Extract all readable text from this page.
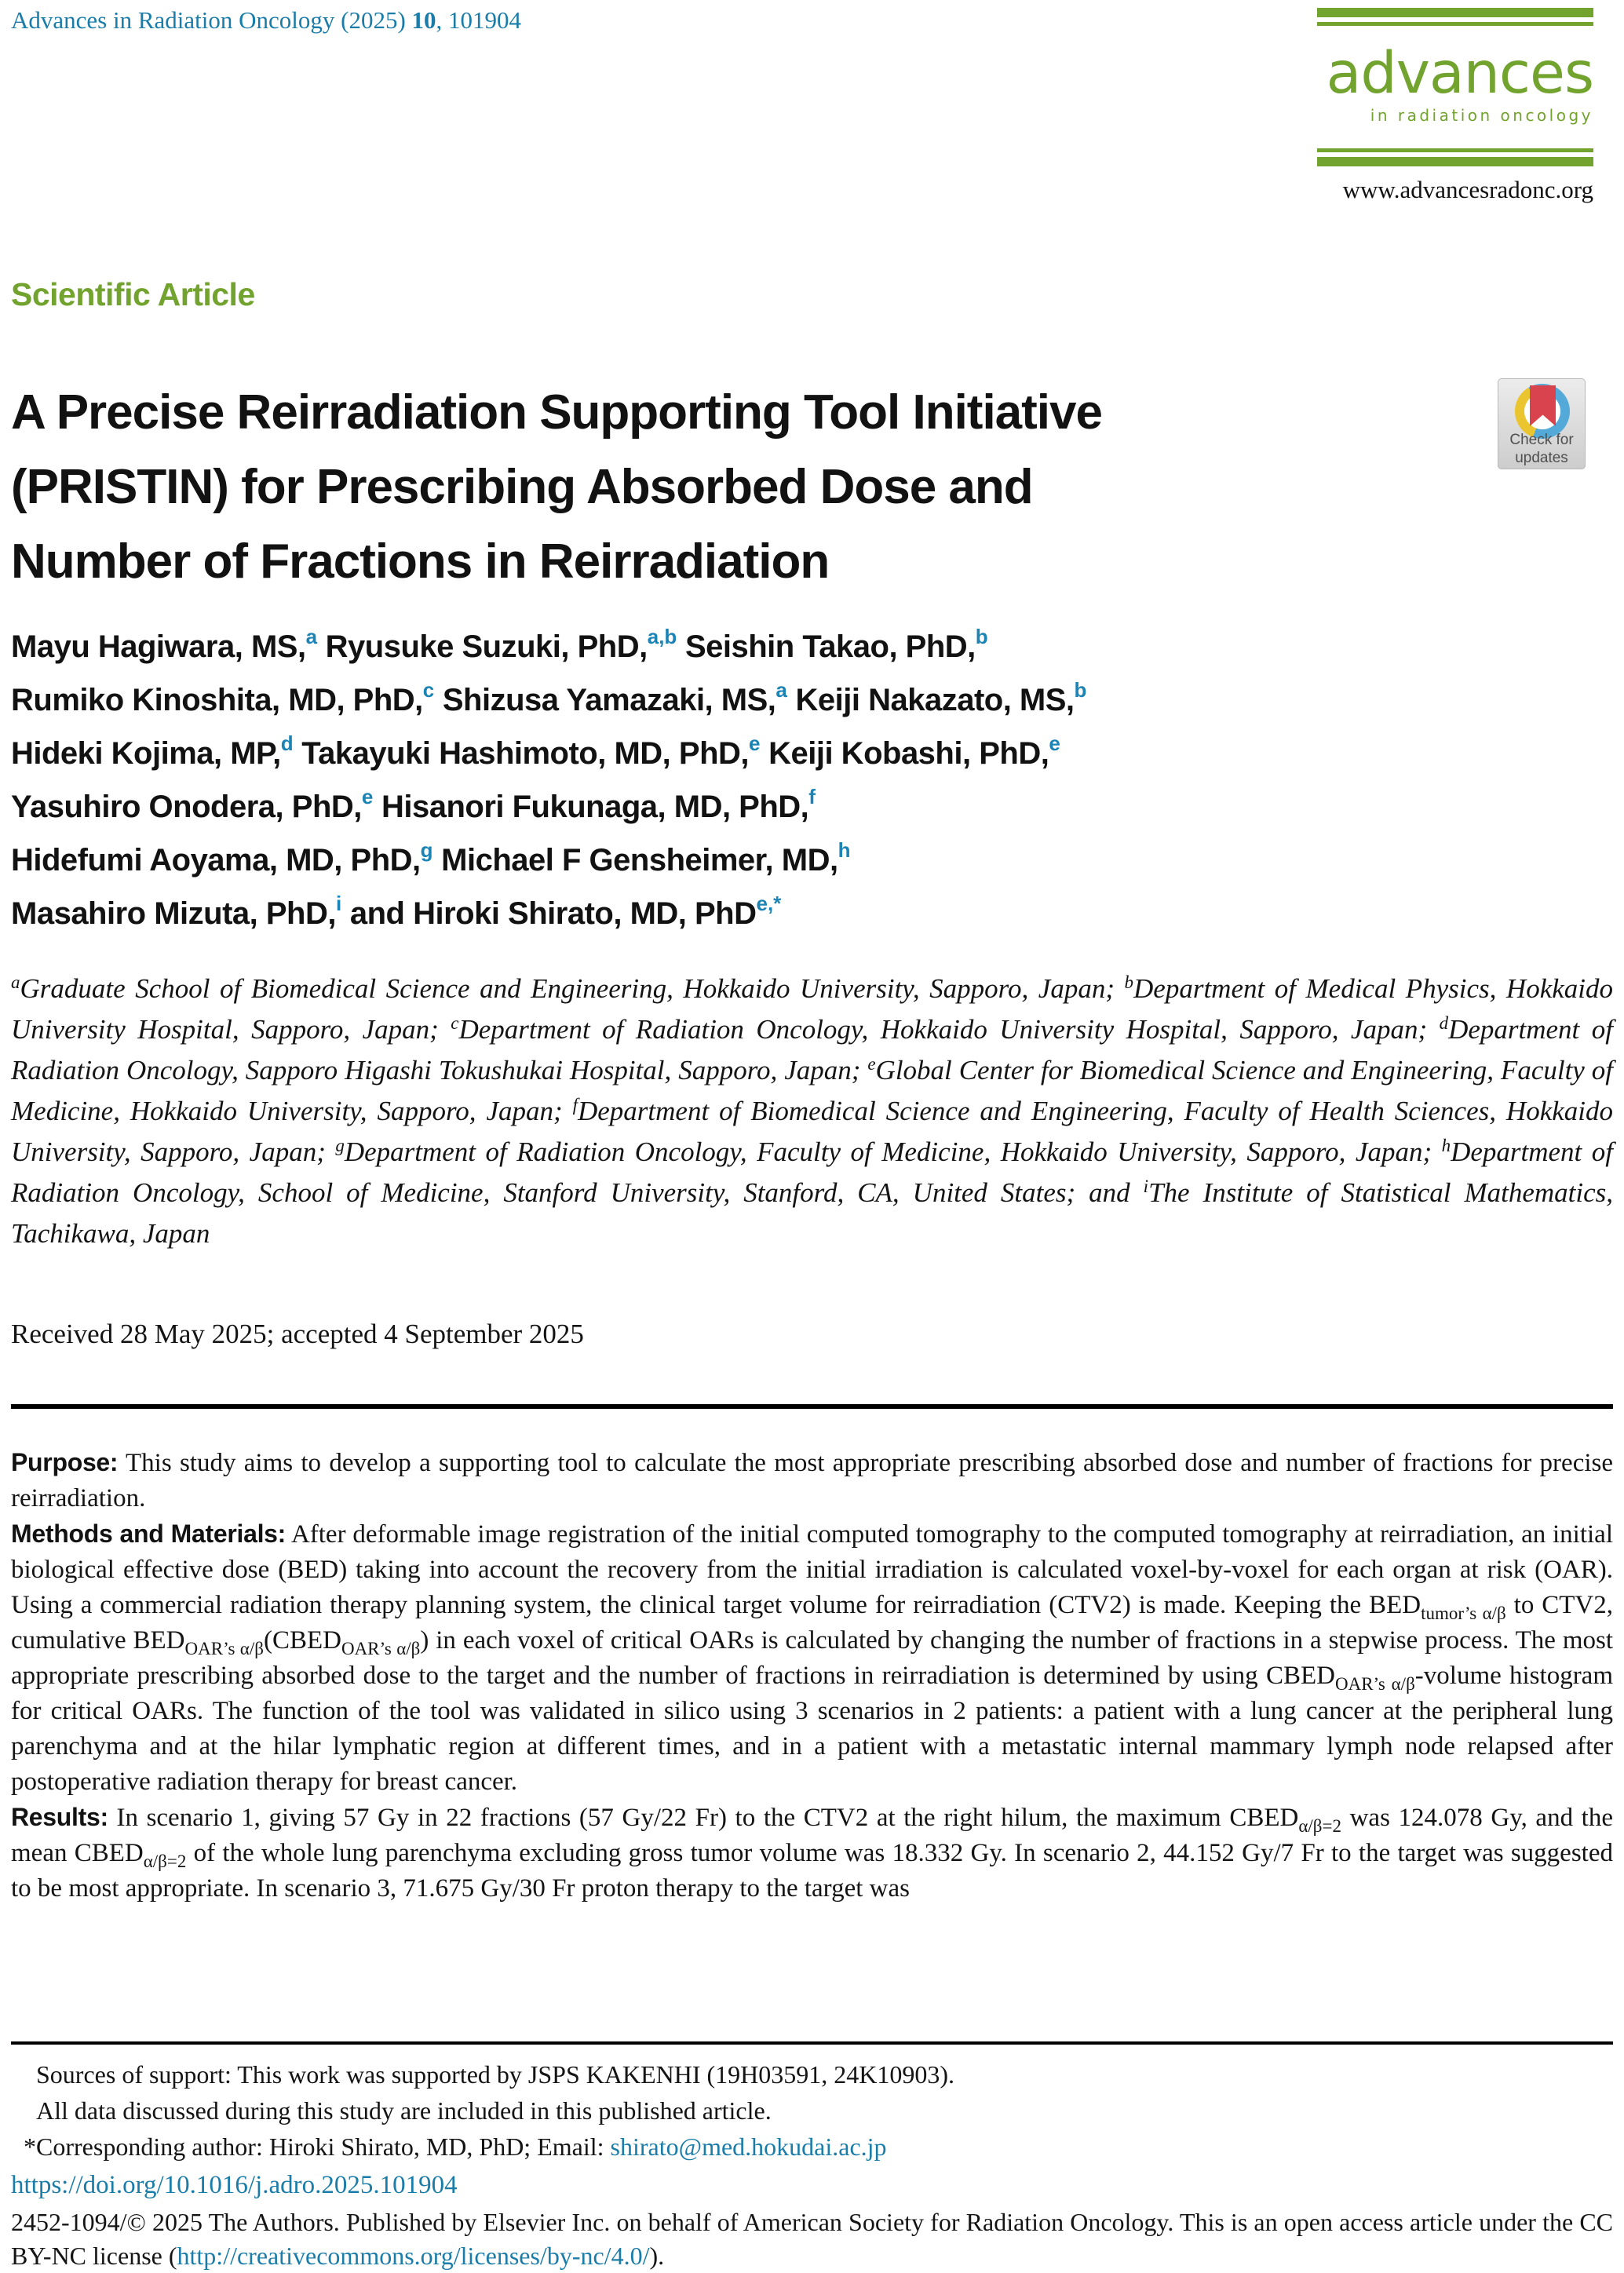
Advances in Radiation Oncology (2025) 10, 101904
advances
in radiation oncology
www.advancesradonc.org
Scientific Article
A Precise Reirradiation Supporting Tool Initiative
(PRISTIN) for Prescribing Absorbed Dose and
Number of Fractions in Reirradiation
Check for
updates
Mayu Hagiwara, MS,$^a$ Ryusuke Suzuki, PhD,$^{a,b}$ Seishin Takao, PhD,$^b$
Rumiko Kinoshita, MD, PhD,$^c$ Shizusa Yamazaki, MS,$^a$ Keiji Nakazato, MS,$^b$
Hideki Kojima, MP,$^d$ Takayuki Hashimoto, MD, PhD,$^e$ Keiji Kobashi, PhD,$^e$
Yasuhiro Onodera, PhD,$^e$ Hisanori Fukunaga, MD, PhD,$^f$
Hidefumi Aoyama, MD, PhD,$^g$ Michael F Gensheimer, MD,$^h$
Masahiro Mizuta, PhD,$^i$ and Hiroki Shirato, MD, PhD$^{e,*}$
$^a$Graduate School of Biomedical Science and Engineering, Hokkaido University, Sapporo, Japan; $^b$Department of Medical Physics, Hokkaido University Hospital, Sapporo, Japan; $^c$Department of Radiation Oncology, Hokkaido University Hospital, Sapporo, Japan; $^d$Department of Radiation Oncology, Sapporo Higashi Tokushukai Hospital, Sapporo, Japan; $^e$Global Center for Biomedical Science and Engineering, Faculty of Medicine, Hokkaido University, Sapporo, Japan; $^f$Department of Biomedical Science and Engineering, Faculty of Health Sciences, Hokkaido University, Sapporo, Japan; $^g$Department of Radiation Oncology, Faculty of Medicine, Hokkaido University, Sapporo, Japan; $^h$Department of Radiation Oncology, School of Medicine, Stanford University, Stanford, CA, United States; and $^i$The Institute of Statistical Mathematics, Tachikawa, Japan
Received 28 May 2025; accepted 4 September 2025

Purpose: This study aims to develop a supporting tool to calculate the most appropriate prescribing absorbed dose and number of fractions for precise reirradiation.

Methods and Materials: After deformable image registration of the initial computed tomography to the computed tomography at reirradiation, an initial biological effective dose (BED) taking into account the recovery from the initial irradiation is calculated voxel-by-voxel for each organ at risk (OAR). Using a commercial radiation therapy planning system, the clinical target volume for reirradiation (CTV2) is made. Keeping the $BED_{tumor’s \alpha/\beta}$ to CTV2, cumulative $BED_{OAR’s \alpha/\beta}(CBED_{OAR’s \alpha/\beta})$ in each voxel of critical OARs is calculated by changing the number of fractions in a stepwise process. The most appropriate prescribing absorbed dose to the target and the number of fractions in reirradiation is determined by using $CBED_{OAR’s \alpha/\beta}$-volume histogram for critical OARs. The function of the tool was validated in silico using 3 scenarios in 2 patients: a patient with a lung cancer at the peripheral lung parenchyma and at the hilar lymphatic region at different times, and in a patient with a metastatic internal mammary lymph node relapsed after postoperative radiation therapy for breast cancer.

Results: In scenario 1, giving 57 Gy in 22 fractions (57 Gy/22 Fr) to the CTV2 at the right hilum, the maximum $CBED_{\alpha/\beta=2}$ was 124.078 Gy, and the mean $CBED_{\alpha/\beta=2}$ of the whole lung parenchyma excluding gross tumor volume was 18.332 Gy. In scenario 2, 44.152 Gy/7 Fr to the target was suggested to be most appropriate. In scenario 3, 71.675 Gy/30 Fr proton therapy to the target was

Sources of support: This work was supported by JSPS KAKENHI (19H03591, 24K10903).
All data discussed during this study are included in this published article.
*Corresponding author: Hiroki Shirato, MD, PhD; Email: shirato@med.hokudai.ac.jp
https://doi.org/10.1016/j.adro.2025.101904
2452-1094/© 2025 The Authors. Published by Elsevier Inc. on behalf of American Society for Radiation Oncology. This is an open access article under the CC BY-NC license (http://creativecommons.org/licenses/by-nc/4.0/).
